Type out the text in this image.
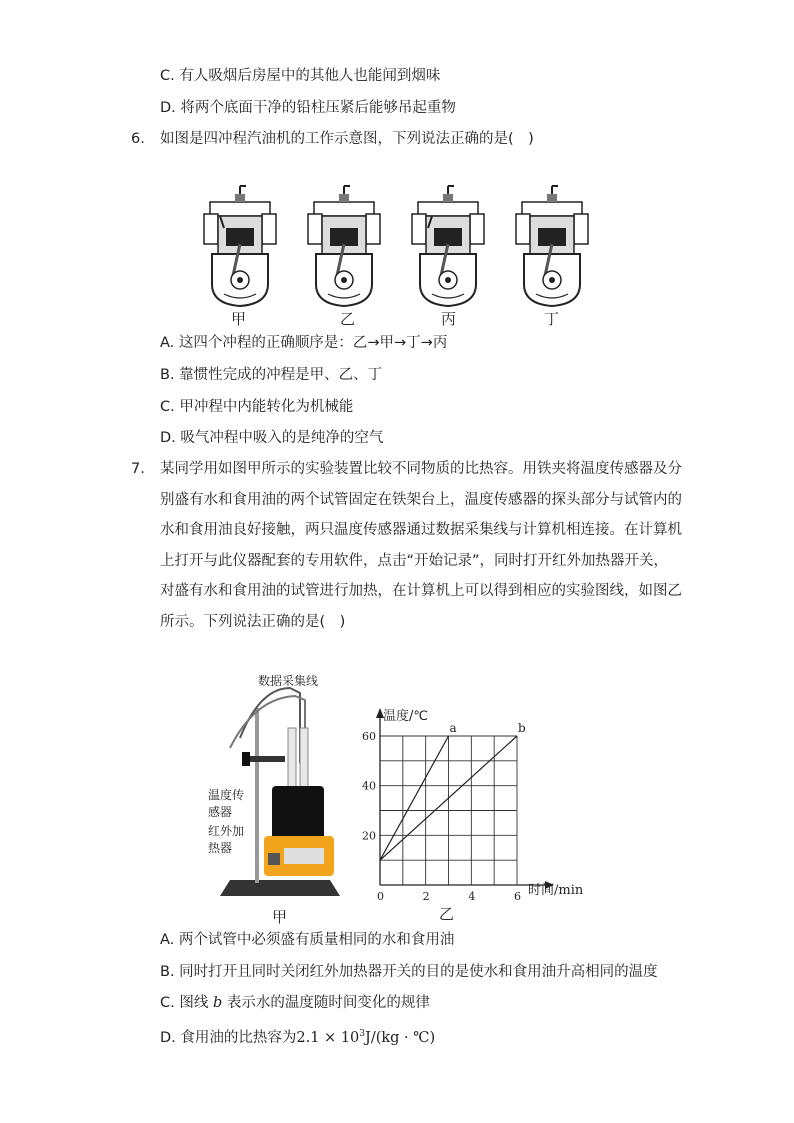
C. 有人吸烟后房屋中的其他人也能闻到烟味
D. 将两个底面干净的铅柱压紧后能够吊起重物
6. 如图是四冲程汽油机的工作示意图，下列说法正确的是(　)
甲	乙	丙	丁
A. 这四个冲程的正确顺序是：乙→甲→丁→丙
B. 靠惯性完成的冲程是甲、乙、丁
C. 甲冲程中内能转化为机械能
D. 吸气冲程中吸入的是纯净的空气
7. 某同学用如图甲所示的实验装置比较不同物质的比热容。用铁夹将温度传感器及分
别盛有水和食用油的两个试管固定在铁架台上，温度传感器的探头部分与试管内的
水和食用油良好接触，两只温度传感器通过数据采集线与计算机相连接。在计算机
上打开与此仪器配套的专用软件，点击“开始记录”，同时打开红外加热器开关，
对盛有水和食用油的试管进行加热，在计算机上可以得到相应的实验图线，如图乙
所示。下列说法正确的是(　)
数据采集线
温度传
感器
红外加
热器
甲
a	b
0	2	4	6
20
40
60
温度/℃
时间/min
乙
A. 两个试管中必须盛有质量相同的水和食用油
B. 同时打开且同时关闭红外加热器开关的目的是使水和食用油升高相同的温度
C. 图线 b 表示水的温度随时间变化的规律
D. 食用油的比热容为$2.1 \times 10^3J/(kg$ · ℃)
